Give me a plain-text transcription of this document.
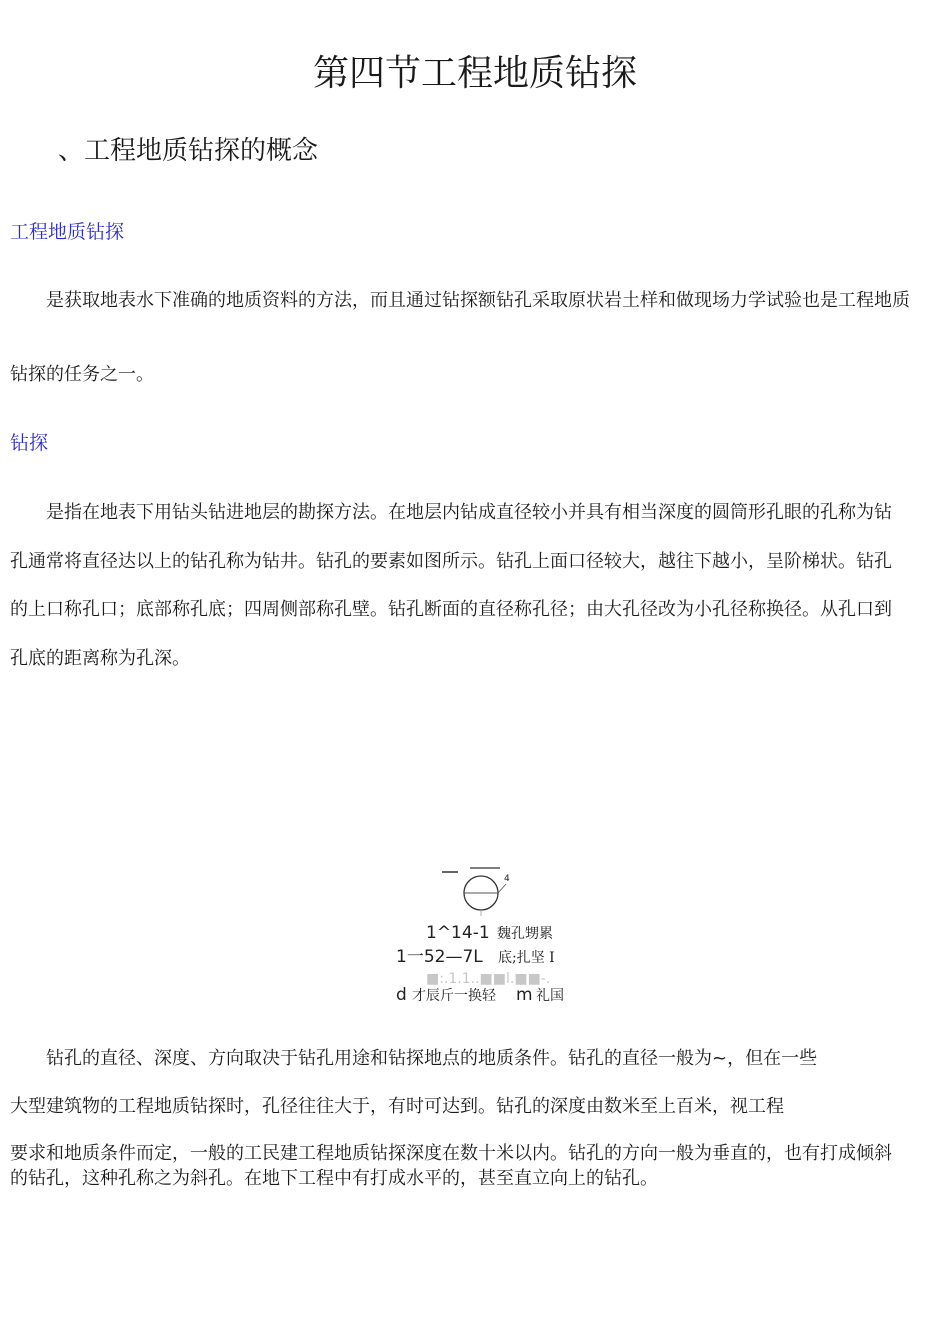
第四节工程地质钻探
、工程地质钻探的概念
工程地质钻探

是获取地表水下准确的地质资料的方法，而且通过钻探额钻孔采取原状岩土样和做现场力学试验也是工程地质

钻探的任务之一。
钻探
是指在地表下用钻头钻进地层的勘探方法。在地层内钻成直径较小并具有相当深度的圆筒形孔眼的孔称为钻
孔通常将直径达以上的钻孔称为钻井。钻孔的要素如图所示。钻孔上面口径较大，越往下越小，呈阶梯状。钻孔
的上口称孔口；底部称孔底；四周侧部称孔壁。钻孔断面的直径称孔径；由大孔径改为小孔径称换径。从孔口到
孔底的距离称为孔深。
4
1^14-1 魏孔甥累
1一52—7L 底;扎坚 I
■:.1.1..■■l.■■-.
d 才辰斤一换轻 m 礼国
钻孔的直径、深度、方向取决于钻孔用途和钻探地点的地质条件。钻孔的直径一般为~，但在一些
大型建筑物的工程地质钻探时，孔径往往大于，有时可达到。钻孔的深度由数米至上百米，视工程
要求和地质条件而定，一般的工民建工程地质钻探深度在数十米以内。钻孔的方向一般为垂直的，也有打成倾斜
的钻孔，这种孔称之为斜孔。在地下工程中有打成水平的，甚至直立向上的钻孔。
